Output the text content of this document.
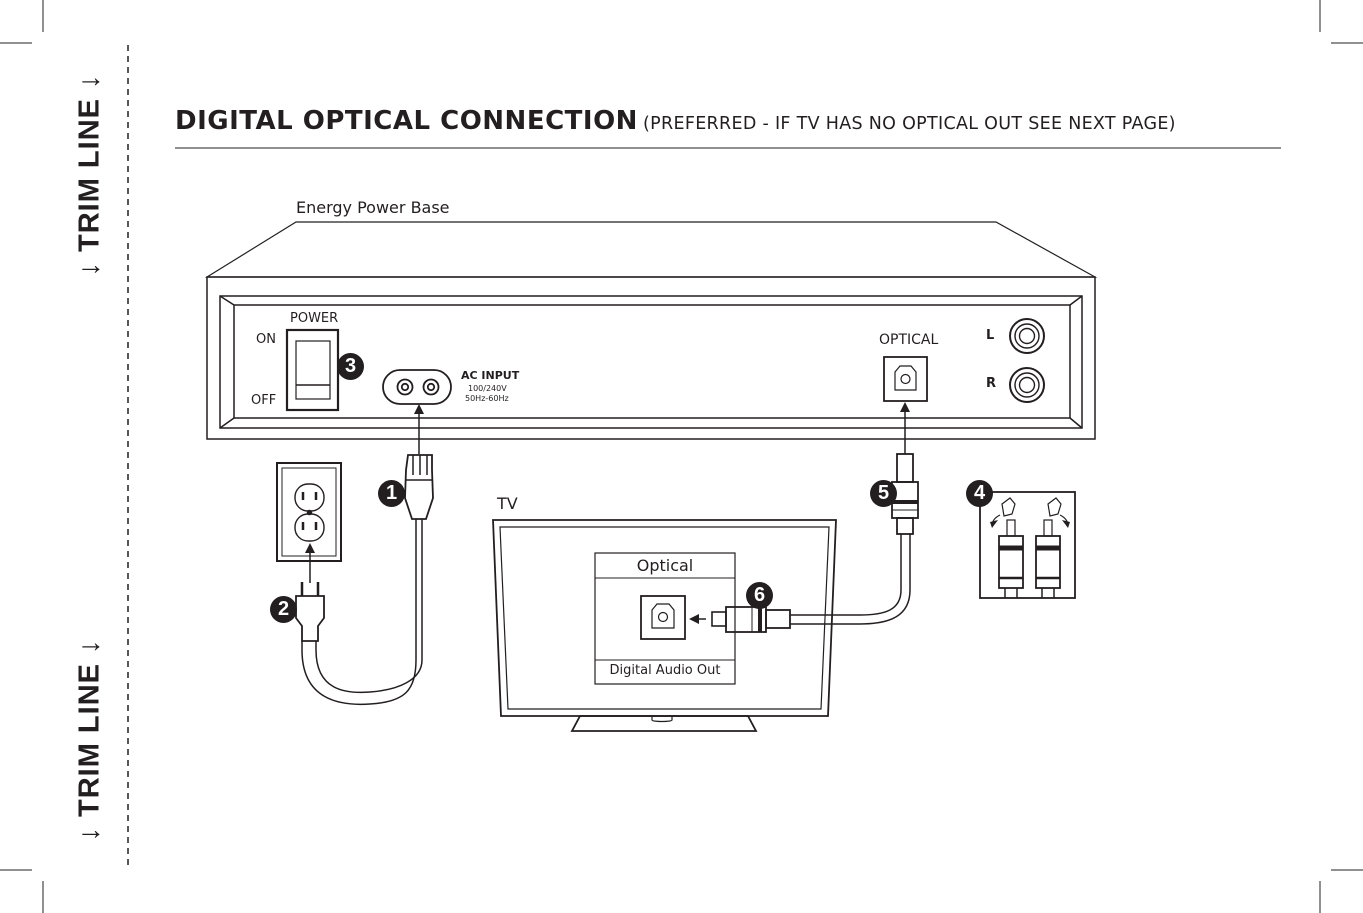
↓ TRIM LINE ↓
↓ TRIM LINE ↓
DIGITAL OPTICAL CONNECTION (PREFERRED - IF TV HAS NO OPTICAL OUT SEE NEXT PAGE)
Energy Power Base
POWER
ON
OFF
AC INPUT
100/240V
50Hz-60Hz
OPTICAL	L
R
TV
Optical
Digital Audio Out
1
2
3
4
5
6
